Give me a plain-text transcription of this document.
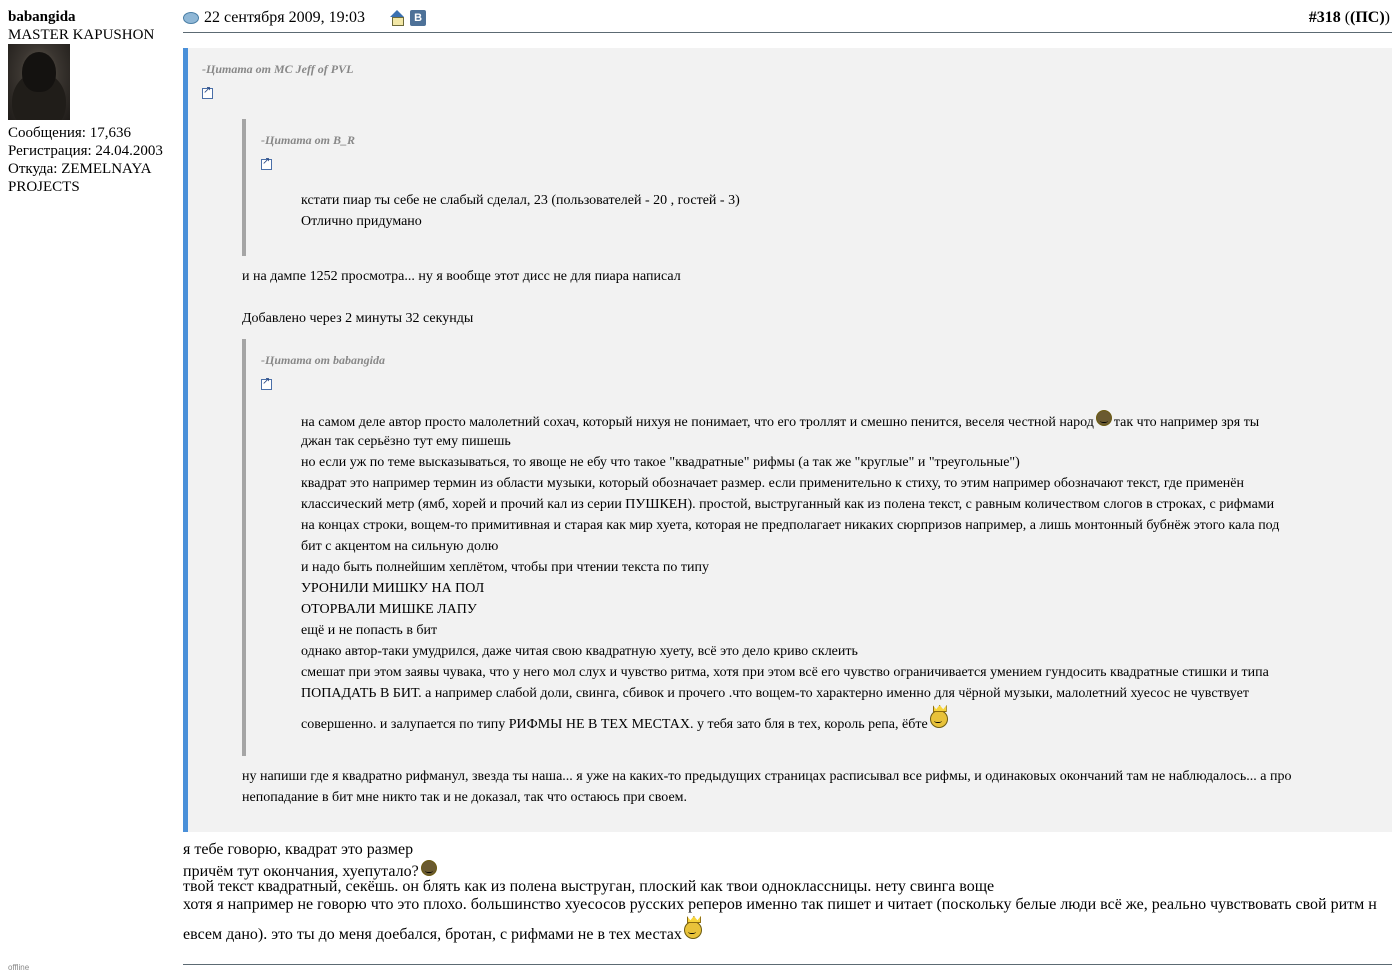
babangida
MASTER KAPUSHON
Сообщения: 17,636
Регистрация: 24.04.2003
Откуда: ZEMELNAYA PROJECTS
offline
22 сентября 2009, 19:03	B	#318 ((ПС))
-Цитата от MC Jeff of PVL
↗
-Цитата от B_R
↗
кстати пиар ты себе не слабый сделал, 23 (пользователей - 20 , гостей - 3)
Отлично придумано
и на дампе 1252 просмотра... ну я вообще этот дисс не для пиара написал
Добавлено через 2 минуты 32 секунды
-Цитата от babangida
↗
на самом деле автор просто малолетний сохач, который нихуя не понимает, что его троллят и смешно пенится, веселя честной народ так что например зря ты
джан так серьёзно тут ему пишешь
но если уж по теме высказываться, то явоще не ебу что такое "квадратные" рифмы (а так же "круглые" и "треугольные")
квадрат это например термин из области музыки, который обозначает размер. если применительно к стиху, то этим например обозначают текст, где применён
классический метр (ямб, хорей и прочий кал из серии ПУШКЕН). простой, выструганный как из полена текст, с равным количеством слогов в строках, с рифмами
на концах строки, вощем-то примитивная и старая как мир хуета, которая не предполагает никаких сюрпризов например, а лишь монтонный бубнёж этого кала под
бит с акцентом на сильную долю
и надо быть полнейшим хеплётом, чтобы при чтении текста по типу
УРОНИЛИ МИШКУ НА ПОЛ
ОТОРВАЛИ МИШКЕ ЛАПУ
ещё и не попасть в бит
однако автор-таки умудрился, даже читая свою квадратную хуету, всё это дело криво склеить
смешат при этом заявы чувака, что у него мол слух и чувство ритма, хотя при этом всё его чувство ограничивается умением гундосить квадратные стишки и типа
ПОПАДАТЬ В БИТ. а например слабой доли, свинга, сбивок и прочего .что вощем-то характерно именно для чёрной музыки, малолетний хуесос не чувствует
совершенно. и залупается по типу РИФМЫ НЕ В ТЕХ МЕСТАХ. у тебя зато бля в тех, король репа, ёбте
ну напиши где я квадратно рифманул, звезда ты наша... я уже на каких-то предыдущих страницах расписывал все рифмы, и одинаковых окончаний там не наблюдалось... а про
непопадание в бит мне никто так и не доказал, так что остаюсь при своем.
я тебе говорю, квадрат это размер
причём тут окончания, хуепутало?
твой текст квадратный, секёшь. он блять как из полена выструган, плоский как твои одноклассницы. нету свинга воще
хотя я например не говорю что это плохо. большинство хуесосов русских реперов именно так пишет и читает (поскольку белые люди всё же, реально чувствовать свой ритм н
евсем дано). это ты до меня доебался, бротан, с рифмами не в тех местах
